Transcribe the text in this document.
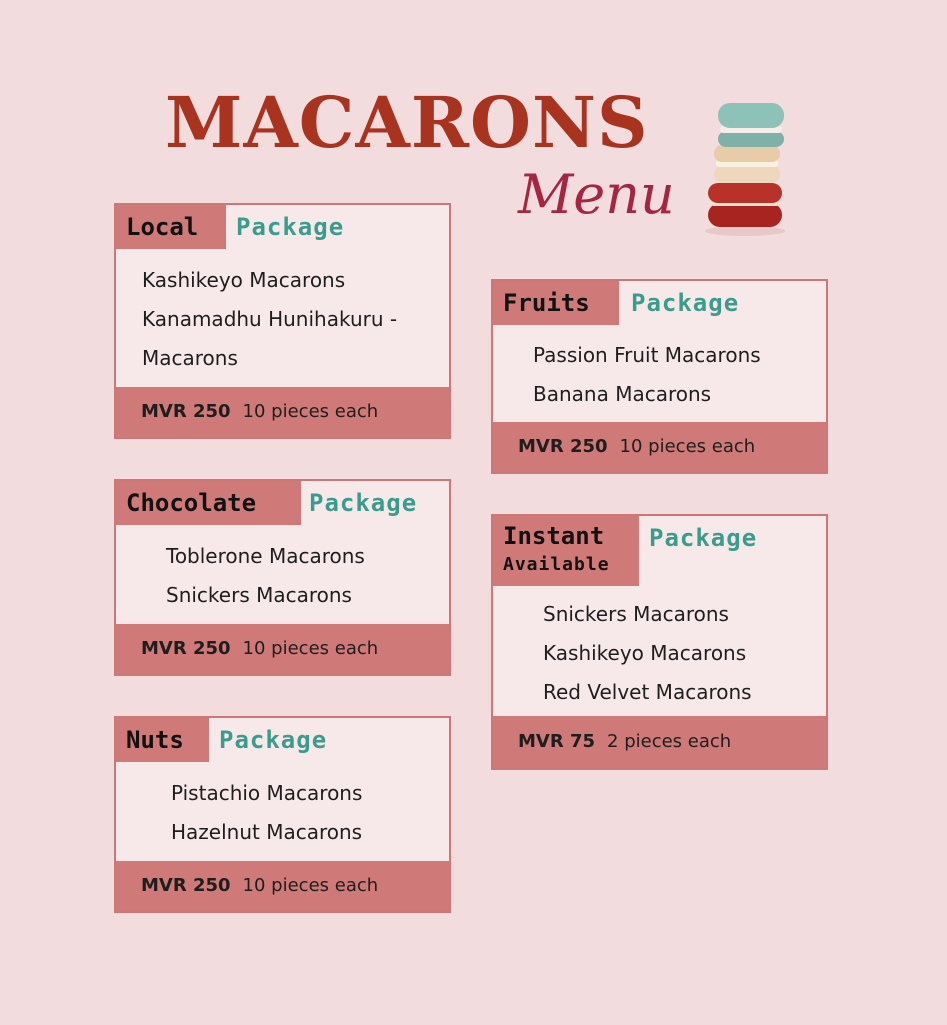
MACARONS
Menu
Local	Package
Kashikeyo Macarons
Kanamadhu Hunihakuru -
Macarons
MVR 250 10 pieces each
Fruits	Package
Passion Fruit Macarons
Banana Macarons
MVR 250 10 pieces each
Chocolate	Package
Toblerone Macarons
Snickers Macarons
MVR 250 10 pieces each
Instant
Available
Package
Snickers Macarons
Kashikeyo Macarons
Red Velvet Macarons
MVR 75 2 pieces each
Nuts	Package
Pistachio Macarons
Hazelnut Macarons
MVR 250 10 pieces each
